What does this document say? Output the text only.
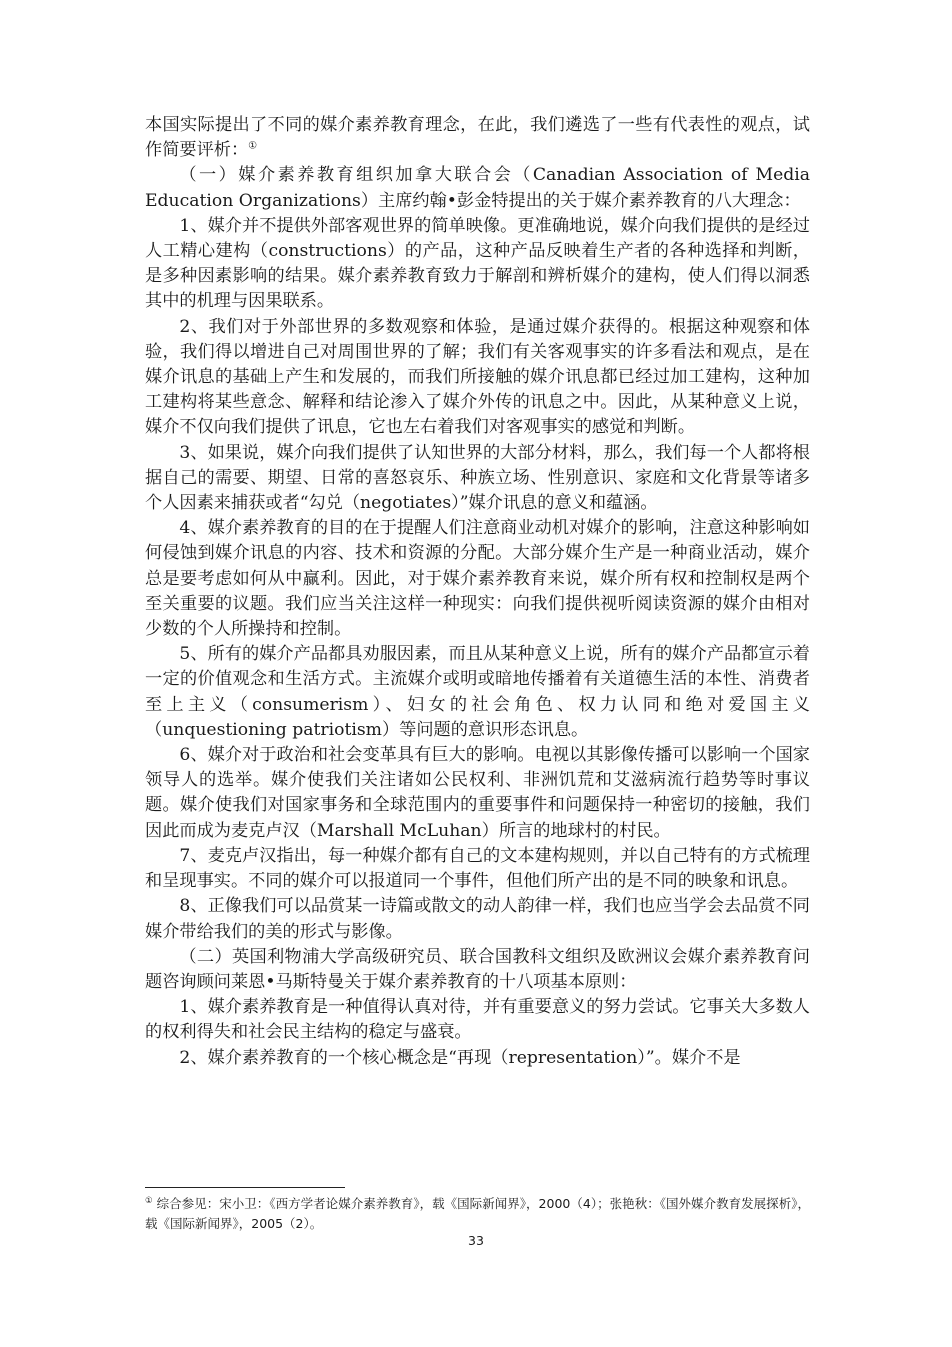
本国实际提出了不同的媒介素养教育理念，在此，我们遴选了一些有代表性的观点，试作简要评析：①

（一）媒介素养教育组织加拿大联合会（Canadian Association of Media Education Organizations）主席约翰•彭金特提出的关于媒介素养教育的八大理念：

1、媒介并不提供外部客观世界的简单映像。更准确地说，媒介向我们提供的是经过人工精心建构（constructions）的产品，这种产品反映着生产者的各种选择和判断，是多种因素影响的结果。媒介素养教育致力于解剖和辨析媒介的建构，使人们得以洞悉其中的机理与因果联系。

2、我们对于外部世界的多数观察和体验，是通过媒介获得的。根据这种观察和体验，我们得以增进自己对周围世界的了解；我们有关客观事实的许多看法和观点，是在媒介讯息的基础上产生和发展的，而我们所接触的媒介讯息都已经过加工建构，这种加工建构将某些意念、解释和结论渗入了媒介外传的讯息之中。因此，从某种意义上说，媒介不仅向我们提供了讯息，它也左右着我们对客观事实的感觉和判断。

3、如果说，媒介向我们提供了认知世界的大部分材料，那么，我们每一个人都将根据自己的需要、期望、日常的喜怒哀乐、种族立场、性别意识、家庭和文化背景等诸多个人因素来捕获或者“勾兑（negotiates）”媒介讯息的意义和蕴涵。

4、媒介素养教育的目的在于提醒人们注意商业动机对媒介的影响，注意这种影响如何侵蚀到媒介讯息的内容、技术和资源的分配。大部分媒介生产是一种商业活动，媒介总是要考虑如何从中赢利。因此，对于媒介素养教育来说，媒介所有权和控制权是两个至关重要的议题。我们应当关注这样一种现实：向我们提供视听阅读资源的媒介由相对少数的个人所操持和控制。

5、所有的媒介产品都具劝服因素，而且从某种意义上说，所有的媒介产品都宣示着一定的价值观念和生活方式。主流媒介或明或暗地传播着有关道德生活的本性、消费者至上主义（consumerism）、妇女的社会角色、权力认同和绝对爱国主义（unquestioning patriotism）等问题的意识形态讯息。

6、媒介对于政治和社会变革具有巨大的影响。电视以其影像传播可以影响一个国家领导人的选举。媒介使我们关注诸如公民权利、非洲饥荒和艾滋病流行趋势等时事议题。媒介使我们对国家事务和全球范围内的重要事件和问题保持一种密切的接触，我们因此而成为麦克卢汉（Marshall McLuhan）所言的地球村的村民。

7、麦克卢汉指出，每一种媒介都有自己的文本建构规则，并以自己特有的方式梳理和呈现事实。不同的媒介可以报道同一个事件，但他们所产出的是不同的映象和讯息。

8、正像我们可以品赏某一诗篇或散文的动人韵律一样，我们也应当学会去品赏不同媒介带给我们的美的形式与影像。

（二）英国利物浦大学高级研究员、联合国教科文组织及欧洲议会媒介素养教育问题咨询顾问莱恩•马斯特曼关于媒介素养教育的十八项基本原则：

1、媒介素养教育是一种值得认真对待，并有重要意义的努力尝试。它事关大多数人的权利得失和社会民主结构的稳定与盛衰。

2、媒介素养教育的一个核心概念是“再现（representation）”。媒介不是

① 综合参见：宋小卫：《西方学者论媒介素养教育》，载《国际新闻界》，2000（4）；张艳秋：《国外媒介教育发展探析》，载《国际新闻界》，2005（2）。
33
